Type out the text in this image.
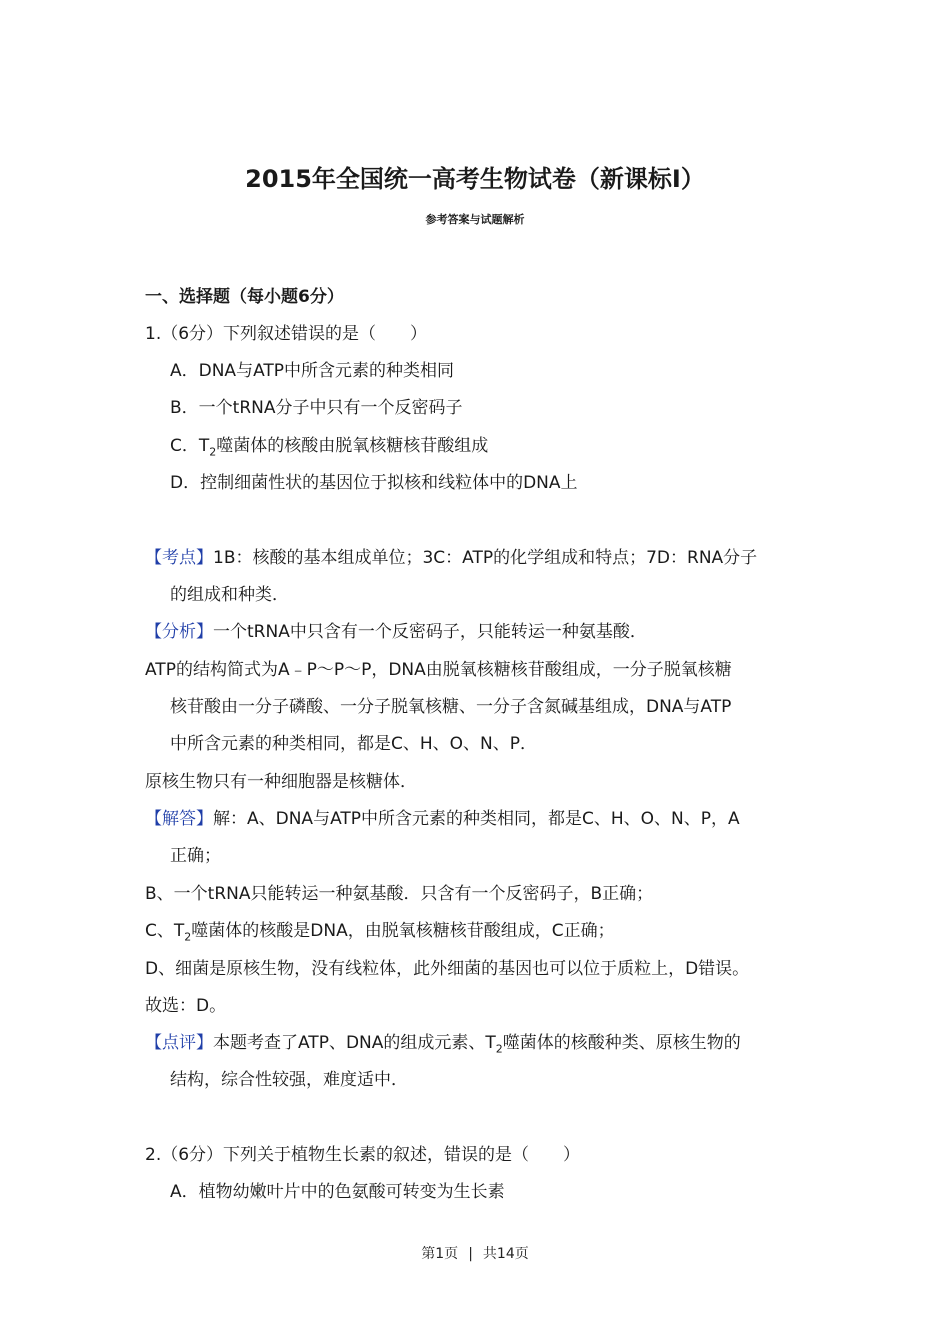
2015年全国统一高考生物试卷（新课标Ⅰ）
参考答案与试题解析
一、选择题（每小题6分）
1.（6分）下列叙述错误的是（　　）
A．DNA与ATP中所含元素的种类相同
B．一个tRNA分子中只有一个反密码子
C．$T_2$噬菌体的核酸由脱氧核糖核苷酸组成
D．控制细菌性状的基因位于拟核和线粒体中的DNA上
【考点】1B：核酸的基本组成单位；3C：ATP的化学组成和特点；7D：RNA分子
的组成和种类．
【分析】一个tRNA中只含有一个反密码子，只能转运一种氨基酸．
ATP的结构简式为A﹣P～P～P，DNA由脱氧核糖核苷酸组成，一分子脱氧核糖
核苷酸由一分子磷酸、一分子脱氧核糖、一分子含氮碱基组成，DNA与ATP
中所含元素的种类相同，都是C、H、O、N、P．
原核生物只有一种细胞器是核糖体．
【解答】解：A、DNA与ATP中所含元素的种类相同，都是C、H、O、N、P，A
正确；
B、一个tRNA只能转运一种氨基酸．只含有一个反密码子，B正确；
C、$T_2$噬菌体的核酸是DNA，由脱氧核糖核苷酸组成，C正确；
D、细菌是原核生物，没有线粒体，此外细菌的基因也可以位于质粒上，D错误。
故选：D。
【点评】本题考查了ATP、DNA的组成元素、$T_2$噬菌体的核酸种类、原核生物的
结构，综合性较强，难度适中．
2.（6分）下列关于植物生长素的叙述，错误的是（　　）
A．植物幼嫩叶片中的色氨酸可转变为生长素
第1页 | 共14页
